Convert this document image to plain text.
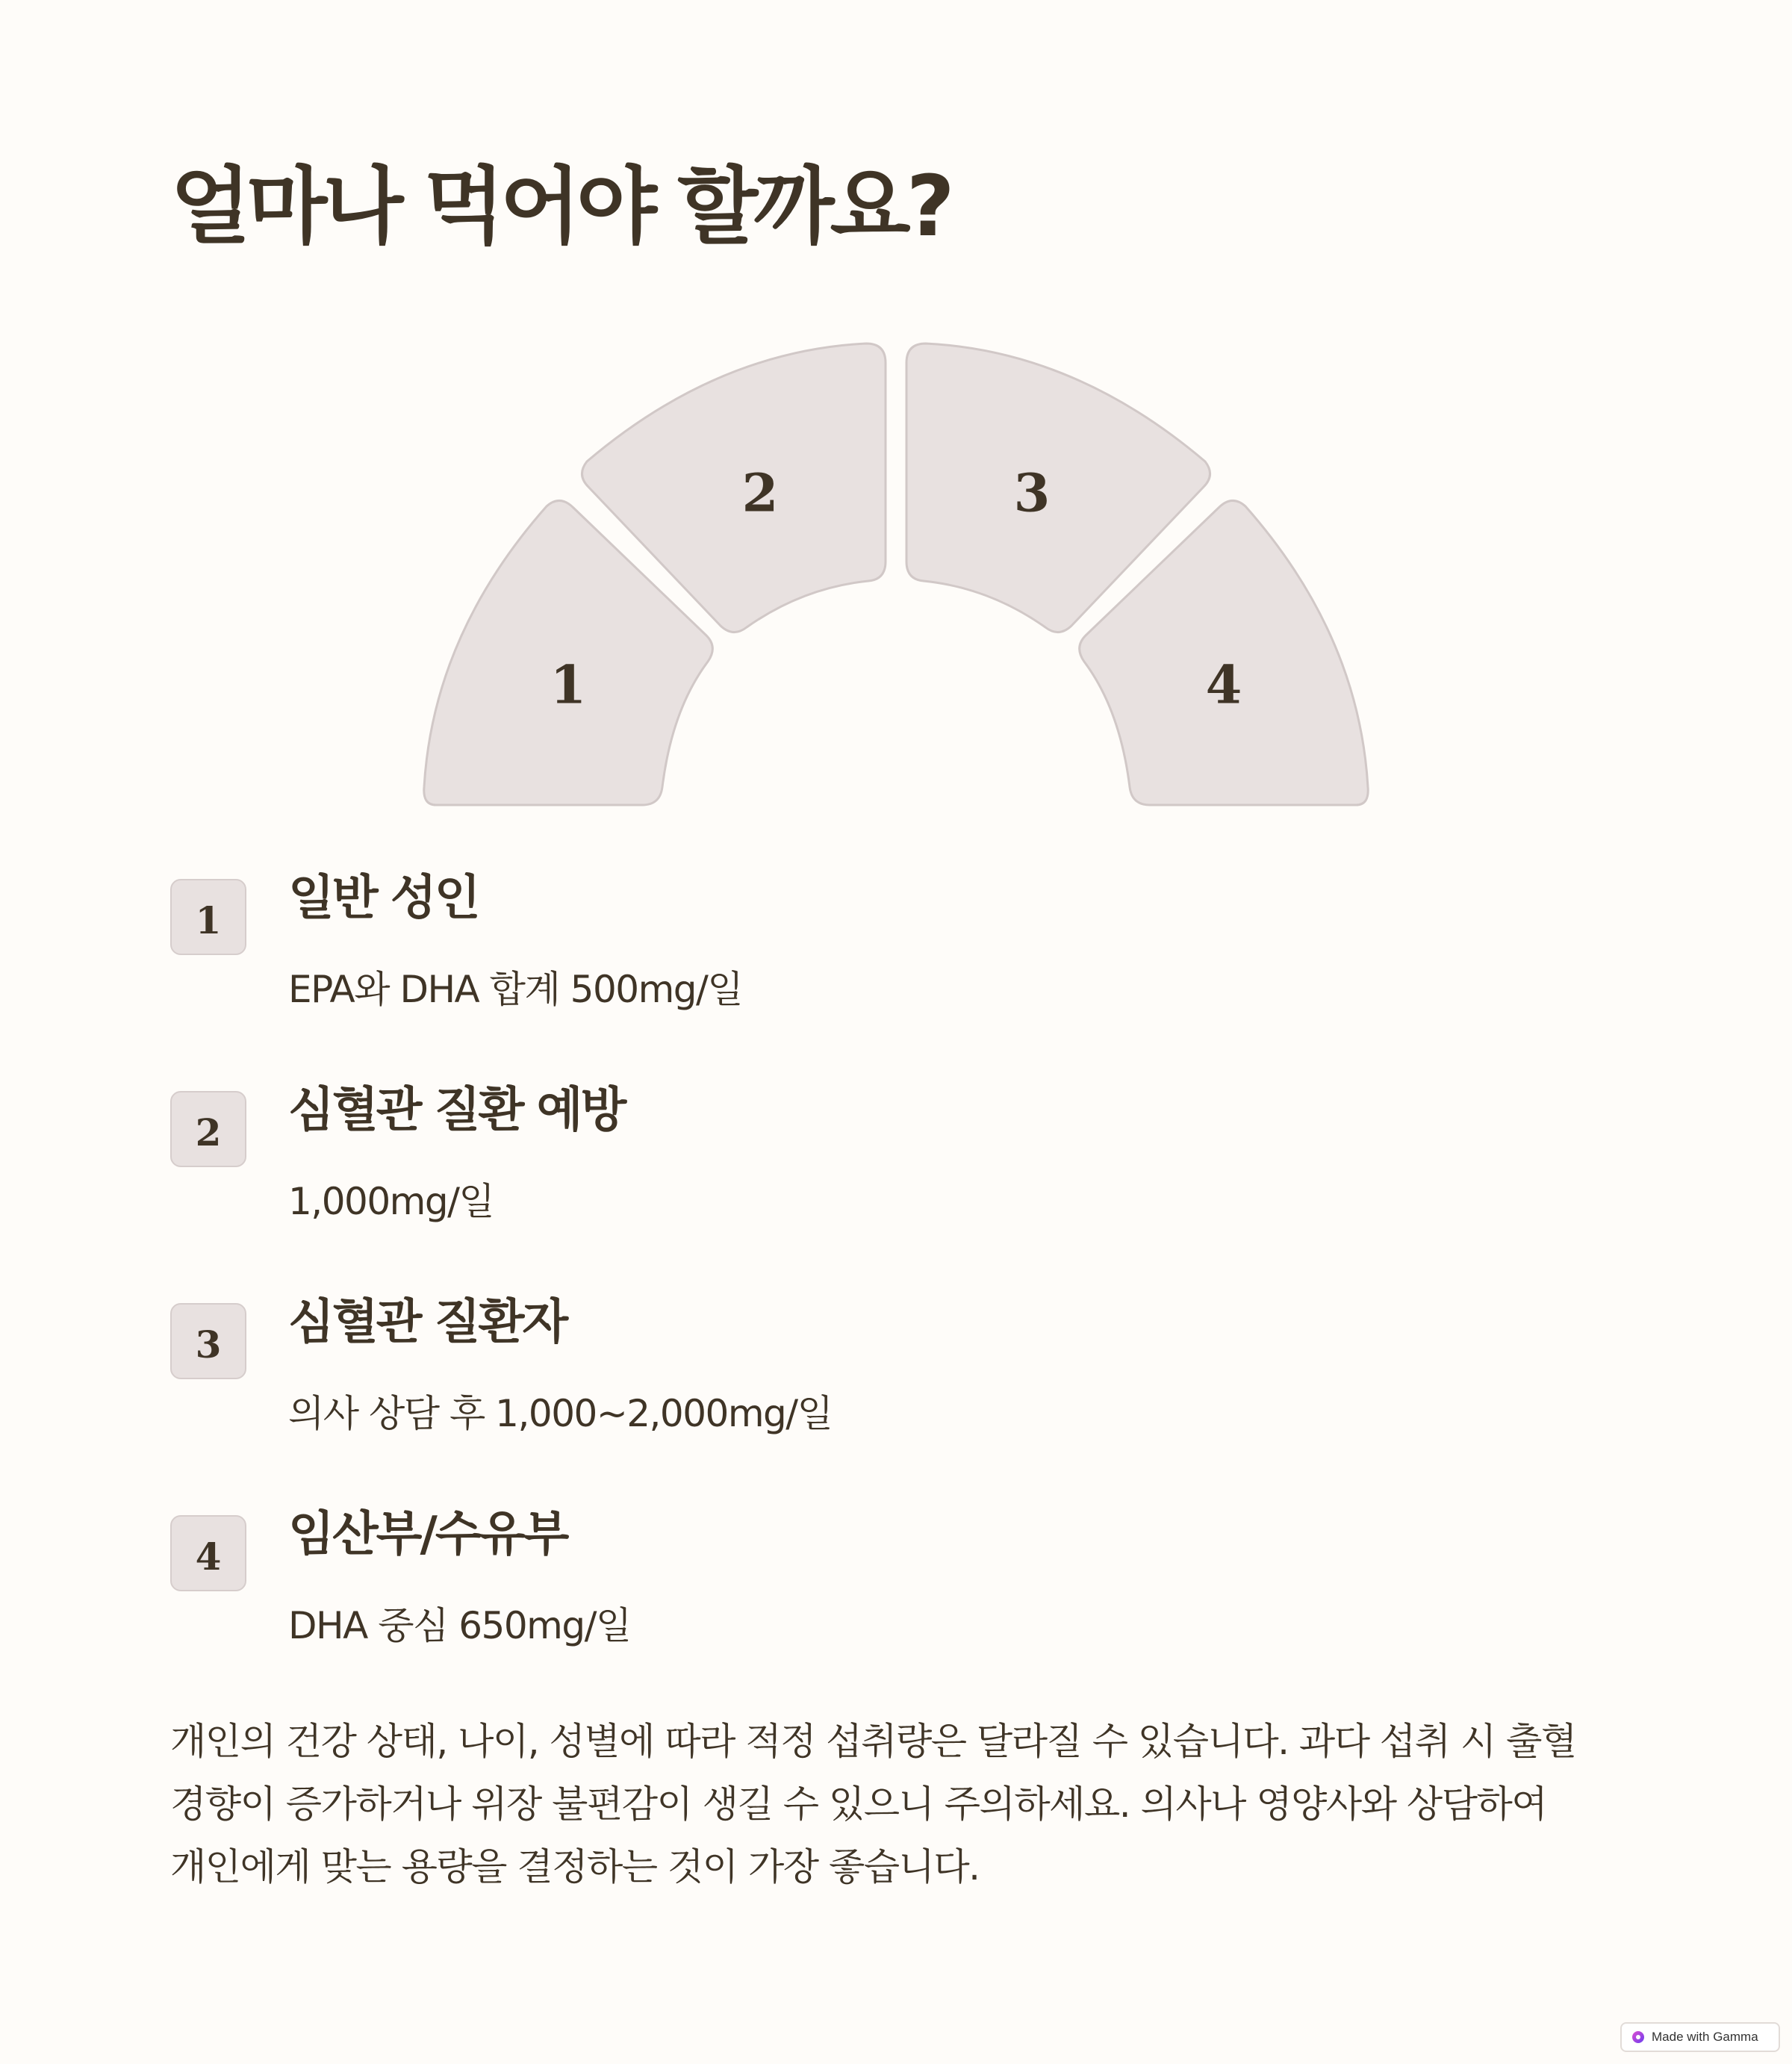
얼마나 먹어야 할까요?
1
2	3
4
1	일반 성인

EPA와 DHA 합계 500mg/일

2	심혈관 질환 예방

1,000mg/일

3	심혈관 질환자

의사 상담 후 1,000~2,000mg/일

4	임산부/수유부

DHA 중심 650mg/일

개인의 건강 상태, 나이, 성별에 따라 적정 섭취량은 달라질 수 있습니다. 과다 섭취 시 출혈
경향이 증가하거나 위장 불편감이 생길 수 있으니 주의하세요. 의사나 영양사와 상담하여
개인에게 맞는 용량을 결정하는 것이 가장 좋습니다.

Made with Gamma
